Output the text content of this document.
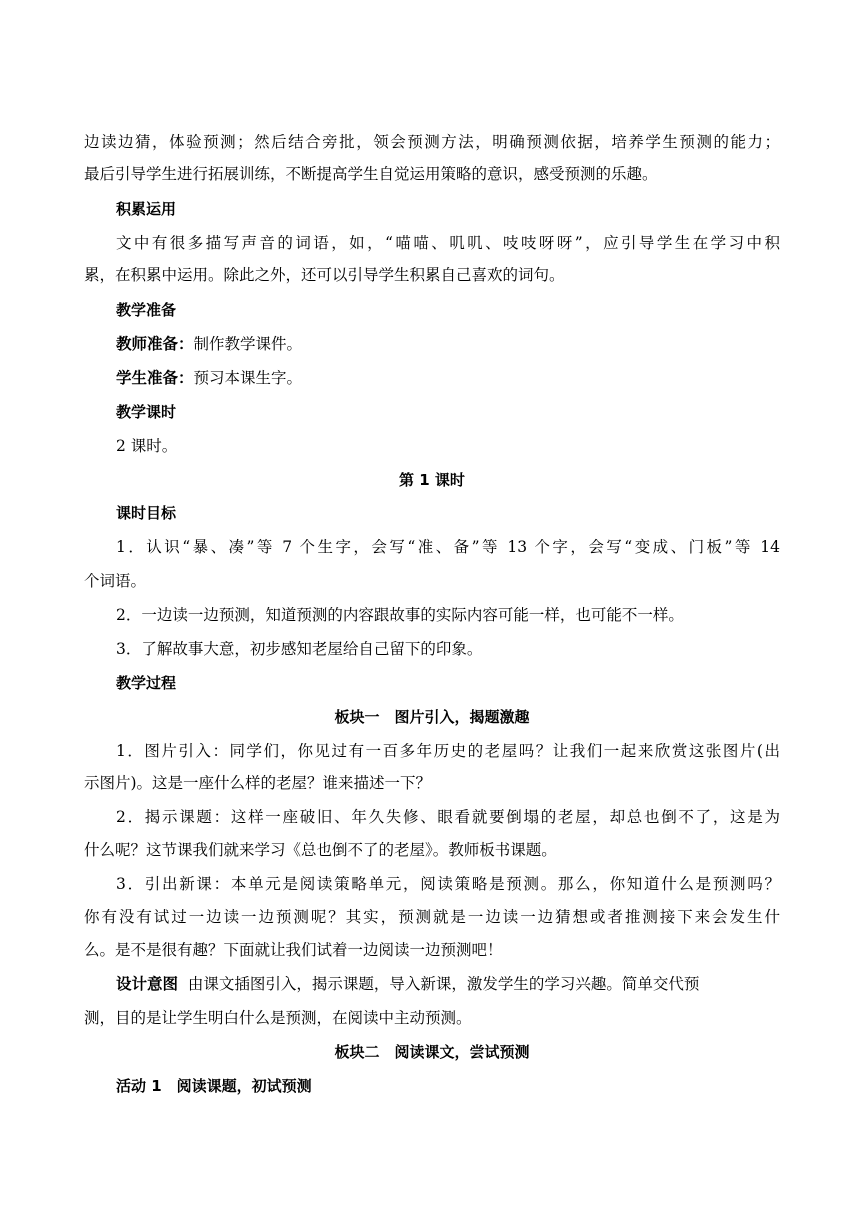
边读边猜，体验预测；然后结合旁批，领会预测方法，明确预测依据，培养学生预测的能力；
最后引导学生进行拓展训练，不断提高学生自觉运用策略的意识，感受预测的乐趣。
积累运用
文中有很多描写声音的词语，如，“喵喵、叽叽、吱吱呀呀”，应引导学生在学习中积
累，在积累中运用。除此之外，还可以引导学生积累自己喜欢的词句。
教学准备
教师准备：制作教学课件。
学生准备：预习本课生字。
教学课时
2 课时。
第 1 课时
课时目标
1．认识“暴、凑”等 7 个生字，会写“准、备”等 13 个字，会写“变成、门板”等 14
个词语。
2．一边读一边预测，知道预测的内容跟故事的实际内容可能一样，也可能不一样。
3．了解故事大意，初步感知老屋给自己留下的印象。
教学过程
板块一　图片引入，揭题激趣
1．图片引入：同学们，你见过有一百多年历史的老屋吗？让我们一起来欣赏这张图片(出
示图片)。这是一座什么样的老屋？谁来描述一下？
2．揭示课题：这样一座破旧、年久失修、眼看就要倒塌的老屋，却总也倒不了，这是为
什么呢？这节课我们就来学习《总也倒不了的老屋》。教师板书课题。
3．引出新课：本单元是阅读策略单元，阅读策略是预测。那么，你知道什么是预测吗？
你有没有试过一边读一边预测呢？其实，预测就是一边读一边猜想或者推测接下来会发生什
么。是不是很有趣？下面就让我们试着一边阅读一边预测吧！
设计意图 由课文插图引入，揭示课题，导入新课，激发学生的学习兴趣。简单交代预
测，目的是让学生明白什么是预测，在阅读中主动预测。
板块二　阅读课文，尝试预测
活动 1　阅读课题，初试预测
